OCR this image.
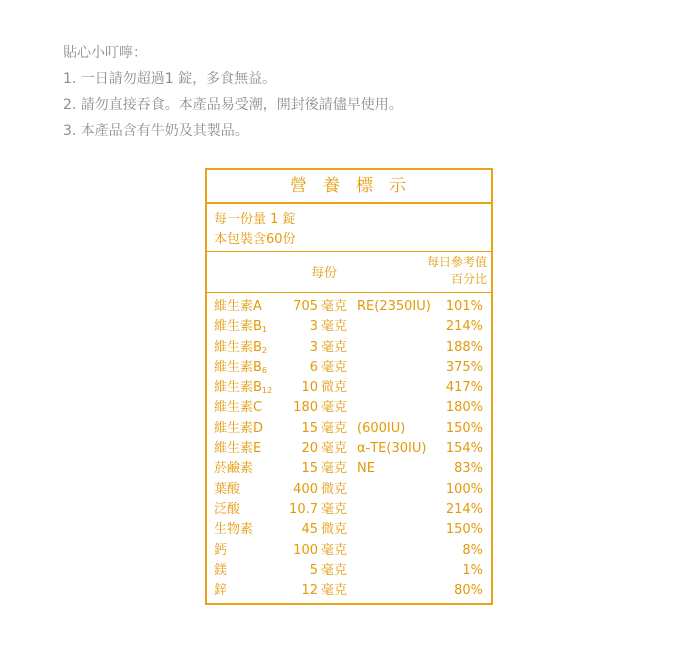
貼心小叮嚀：
1. 一日請勿超過1 錠，多食無益。
2. 請勿直接吞食。本產品易受潮，開封後請儘早使用。
3. 本產品含有牛奶及其製品。
營養標示
每一份量 1 錠
本包裝含60份
每份
每日參考值
百分比
維生素A 705 毫克 RE(2350IU) 101%
維生素$B_1$	3 毫克	214%
維生素$B_2$	3 毫克	188%
維生素$B_6$	6 毫克	375%
維生素$B_{12}$ 10 微克	417%
維生素C 180 毫克	180%
維生素D	15 毫克 (600IU)	150%
維生素E	20 毫克 α-TE(30IU) 154%
菸鹼素	15 毫克 NE	83%
葉酸	400 微克	100%
泛酸	10.7 毫克	214%
生物素	45 微克	150%
鈣	100 毫克	8%
鎂	5 毫克	1%
鋅	12 毫克	80%
